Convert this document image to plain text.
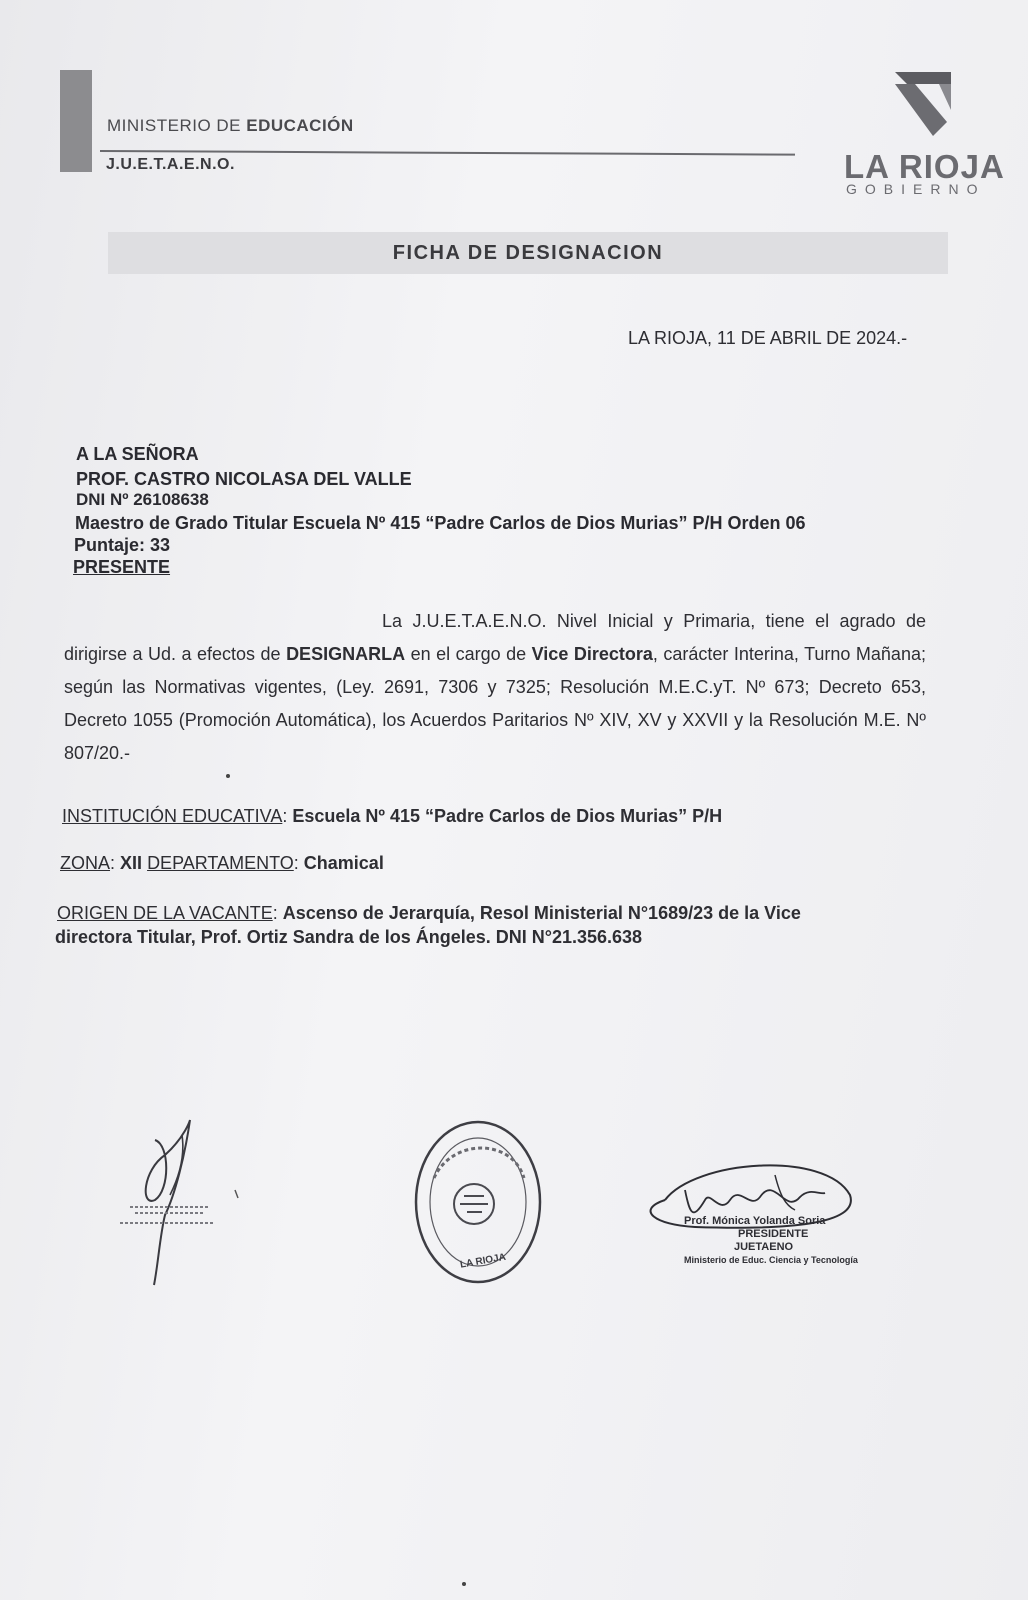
MINISTERIO DE EDUCACIÓN
J.U.E.T.A.E.N.O.	LA RIOJA
GOBIERNO
FICHA DE DESIGNACION
LA RIOJA, 11 DE ABRIL DE 2024.-
A LA SEÑORA
PROF. CASTRO NICOLASA DEL VALLE
DNI Nº 26108638
Maestro de Grado Titular Escuela Nº 415 “Padre Carlos de Dios Murias” P/H Orden 06
Puntaje: 33
PRESENTE
La J.U.E.T.A.E.N.O. Nivel Inicial y Primaria, tiene el agrado de dirigirse a Ud. a efectos de DESIGNARLA en el cargo de Vice Directora, carácter Interina, Turno Mañana; según las Normativas vigentes, (Ley. 2691, 7306 y 7325; Resolución M.E.C.yT. Nº 673; Decreto 653, Decreto 1055 (Promoción Automática), los Acuerdos Paritarios Nº XIV, XV y XXVII y la Resolución M.E. Nº 807/20.-
INSTITUCIÓN EDUCATIVA: Escuela Nº 415 “Padre Carlos de Dios Murias” P/H
ZONA: XII DEPARTAMENTO: Chamical
ORIGEN DE LA VACANTE: Ascenso de Jerarquía, Resol Ministerial N°1689/23 de la Vice
directora Titular, Prof. Ortiz Sandra de los Ángeles. DNI N°21.356.638
LA RIOJA
Prof. Mónica Yolanda Soria
PRESIDENTE
JUETAENO
Ministerio de Educ. Ciencia y Tecnología
